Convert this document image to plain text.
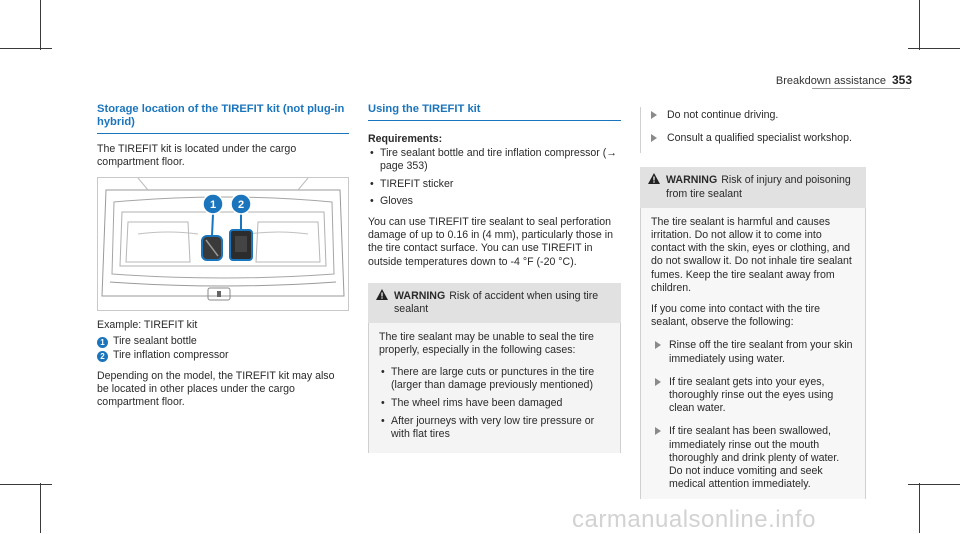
Breakdown assistance 353
Storage location of the TIREFIT kit (not plug-in hybrid)

The TIREFIT kit is located under the cargo compartment floor.

1 2

Example: TIREFIT kit

1 Tire sealant bottle
2 Tire inflation compressor

Depending on the model, the TIREFIT kit may also be located in other places under the cargo compartment floor.

Using the TIREFIT kit
Requirements:
• Tire sealant bottle and tire inflation compressor (→ page 353)
• TIREFIT sticker
• Gloves

You can use TIREFIT tire sealant to seal perforation damage of up to 0.16 in (4 mm), particularly those in the tire contact surface. You can use TIREFIT in outside temperatures down to -4 °F (-20 °C).

WARNING Risk of accident when using tire sealant

The tire sealant may be unable to seal the tire properly, especially in the following cases:

• There are large cuts or punctures in the tire (larger than damage previously mentioned)
• The wheel rims have been damaged
• After journeys with very low tire pressure or with flat tires
Do not continue driving.
Consult a qualified specialist workshop.
WARNING Risk of injury and poisoning from tire sealant

The tire sealant is harmful and causes irritation. Do not allow it to come into contact with the skin, eyes or clothing, and do not swallow it. Do not inhale tire sealant fumes. Keep the tire sealant away from children.

If you come into contact with the tire sealant, observe the following:

Rinse off the tire sealant from your skin immediately using water.
If tire sealant gets into your eyes, thoroughly rinse out the eyes using clean water.
If tire sealant has been swallowed, immediately rinse out the mouth thoroughly and drink plenty of water. Do not induce vomiting and seek medical attention immediately.
carmanualsonline.info
